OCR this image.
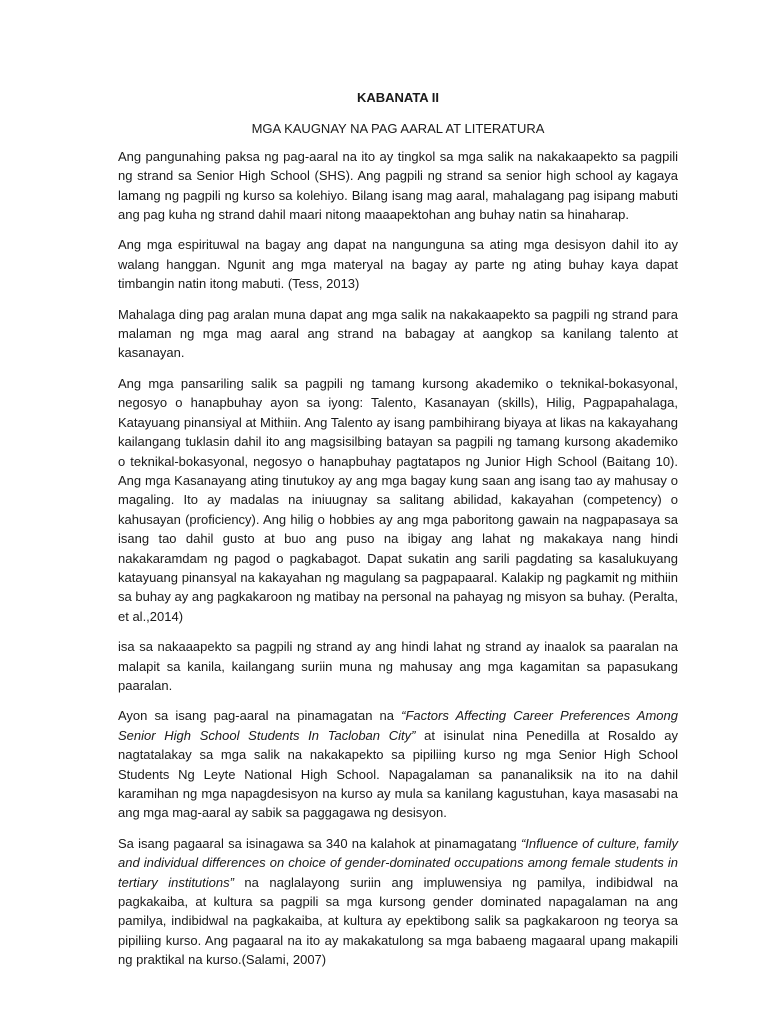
KABANATA II
MGA KAUGNAY NA PAG AARAL AT LITERATURA

Ang pangunahing paksa ng pag-aaral na ito ay tingkol sa mga salik na nakakaapekto sa pagpili ng strand sa Senior High School (SHS). Ang pagpili ng strand sa senior high school ay kagaya lamang ng pagpili ng kurso sa kolehiyo. Bilang isang mag aaral, mahalagang pag isipang mabuti ang pag kuha ng strand dahil maari nitong maaapektohan ang buhay natin sa hinaharap.

Ang mga espirituwal na bagay ang dapat na nangunguna sa ating mga desisyon dahil ito ay walang hanggan. Ngunit ang mga materyal na bagay ay parte ng ating buhay kaya dapat timbangin natin itong mabuti. (Tess, 2013)

Mahalaga ding pag aralan muna dapat ang mga salik na nakakaapekto sa pagpili ng strand para malaman ng mga mag aaral ang strand na babagay at aangkop sa kanilang talento at kasanayan.

Ang mga pansariling salik sa pagpili ng tamang kursong akademiko o teknikal-bokasyonal, negosyo o hanapbuhay ayon sa iyong: Talento, Kasanayan (skills), Hilig, Pagpapahalaga, Katayuang pinansiyal at Mithiin. Ang Talento ay isang pambihirang biyaya at likas na kakayahang kailangang tuklasin dahil ito ang magsisilbing batayan sa pagpili ng tamang kursong akademiko o teknikal-bokasyonal, negosyo o hanapbuhay pagtatapos ng Junior High School (Baitang 10). Ang mga Kasanayang ating tinutukoy ay ang mga bagay kung saan ang isang tao ay mahusay o magaling. Ito ay madalas na iniuugnay sa salitang abilidad, kakayahan (competency) o kahusayan (proficiency). Ang hilig o hobbies ay ang mga paboritong gawain na nagpapasaya sa isang tao dahil gusto at buo ang puso na ibigay ang lahat ng makakaya nang hindi nakakaramdam ng pagod o pagkabagot. Dapat sukatin ang sarili pagdating sa kasalukuyang katayuang pinansyal na kakayahan ng magulang sa pagpapaaral. Kalakip ng pagkamit ng mithiin sa buhay ay ang pagkakaroon ng matibay na personal na pahayag ng misyon sa buhay. (Peralta, et al.,2014)

isa sa nakaaapekto sa pagpili ng strand ay ang hindi lahat ng strand ay inaalok sa paaralan na malapit sa kanila, kailangang suriin muna ng mahusay ang mga kagamitan sa papasukang paaralan.

Ayon sa isang pag-aaral na pinamagatan na “Factors Affecting Career Preferences Among Senior High School Students In Tacloban City” at isinulat nina Penedilla at Rosaldo ay nagtatalakay sa mga salik na nakakapekto sa pipiliing kurso ng mga Senior High School Students Ng Leyte National High School. Napagalaman sa pananaliksik na ito na dahil karamihan ng mga napagdesisyon na kurso ay mula sa kanilang kagustuhan, kaya masasabi na ang mga mag-aaral ay sabik sa paggagawa ng desisyon.

Sa isang pagaaral sa isinagawa sa 340 na kalahok at pinamagatang “Influence of culture, family and individual differences on choice of gender-dominated occupations among female students in tertiary institutions” na naglalayong suriin ang impluwensiya ng pamilya, indibidwal na pagkakaiba, at kultura sa pagpili sa mga kursong gender dominated napagalaman na ang pamilya, indibidwal na pagkakaiba, at kultura ay epektibong salik sa pagkakaroon ng teorya sa pipiliing kurso. Ang pagaaral na ito ay makakatulong sa mga babaeng magaaral upang makapili ng praktikal na kurso.(Salami, 2007)
